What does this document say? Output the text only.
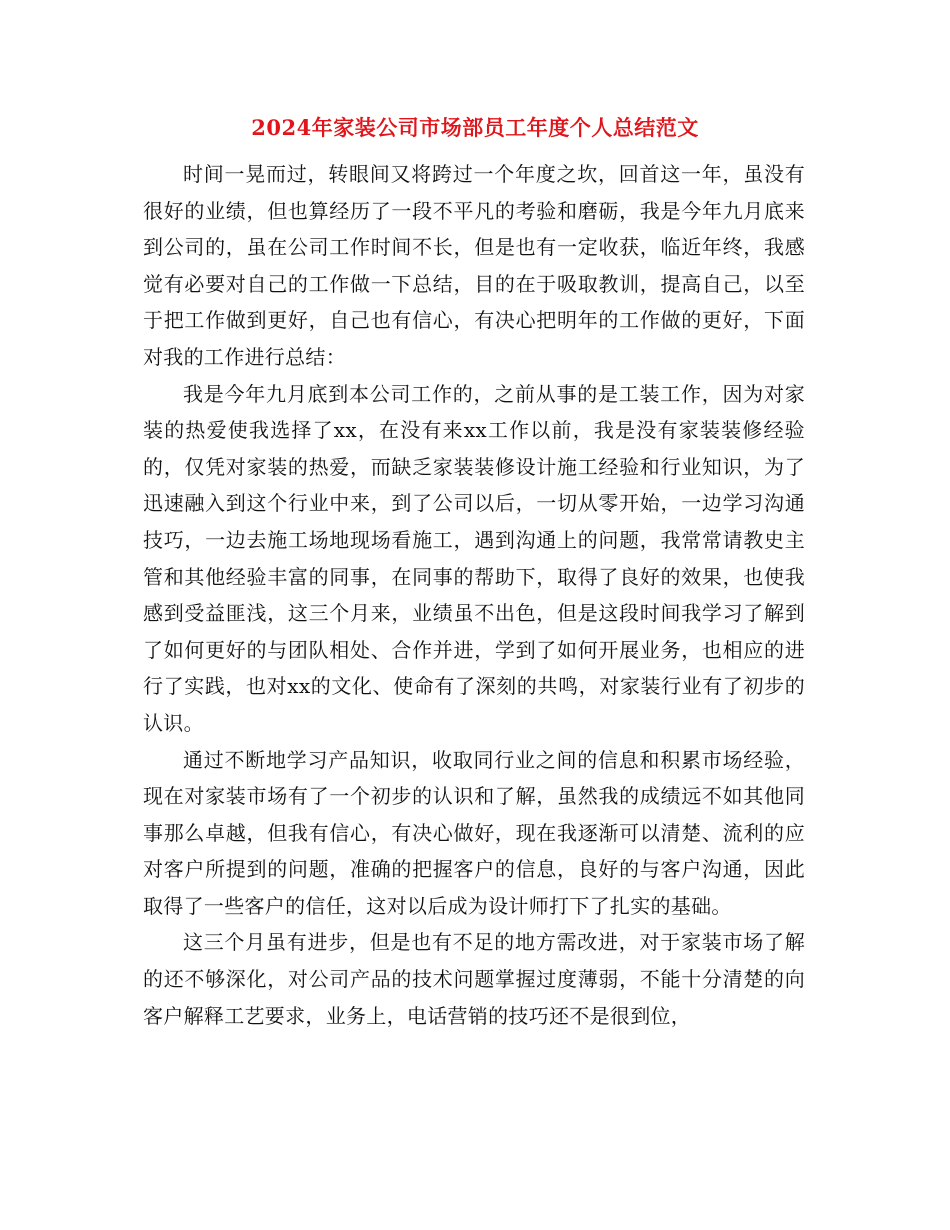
2024年家装公司市场部员工年度个人总结范文

时间一晃而过，转眼间又将跨过一个年度之坎，回首这一年，虽没有很好的业绩，但也算经历了一段不平凡的考验和磨砺，我是今年九月底来到公司的，虽在公司工作时间不长，但是也有一定收获，临近年终，我感觉有必要对自己的工作做一下总结，目的在于吸取教训，提高自己，以至于把工作做到更好，自己也有信心，有决心把明年的工作做的更好，下面对我的工作进行总结：

我是今年九月底到本公司工作的，之前从事的是工装工作，因为对家装的热爱使我选择了xx，在没有来xx工作以前，我是没有家装装修经验的，仅凭对家装的热爱，而缺乏家装装修设计施工经验和行业知识，为了迅速融入到这个行业中来，到了公司以后，一切从零开始，一边学习沟通技巧，一边去施工场地现场看施工，遇到沟通上的问题，我常常请教史主管和其他经验丰富的同事，在同事的帮助下，取得了良好的效果，也使我感到受益匪浅，这三个月来，业绩虽不出色，但是这段时间我学习了解到了如何更好的与团队相处、合作并进，学到了如何开展业务，也相应的进行了实践，也对xx的文化、使命有了深刻的共鸣，对家装行业有了初步的认识。

通过不断地学习产品知识，收取同行业之间的信息和积累市场经验，现在对家装市场有了一个初步的认识和了解，虽然我的成绩远不如其他同事那么卓越，但我有信心，有决心做好，现在我逐渐可以清楚、流利的应对客户所提到的问题，准确的把握客户的信息，良好的与客户沟通，因此取得了一些客户的信任，这对以后成为设计师打下了扎实的基础。

这三个月虽有进步，但是也有不足的地方需改进，对于家装市场了解的还不够深化，对公司产品的技术问题掌握过度薄弱，不能十分清楚的向客户解释工艺要求，业务上，电话营销的技巧还不是很到位，
